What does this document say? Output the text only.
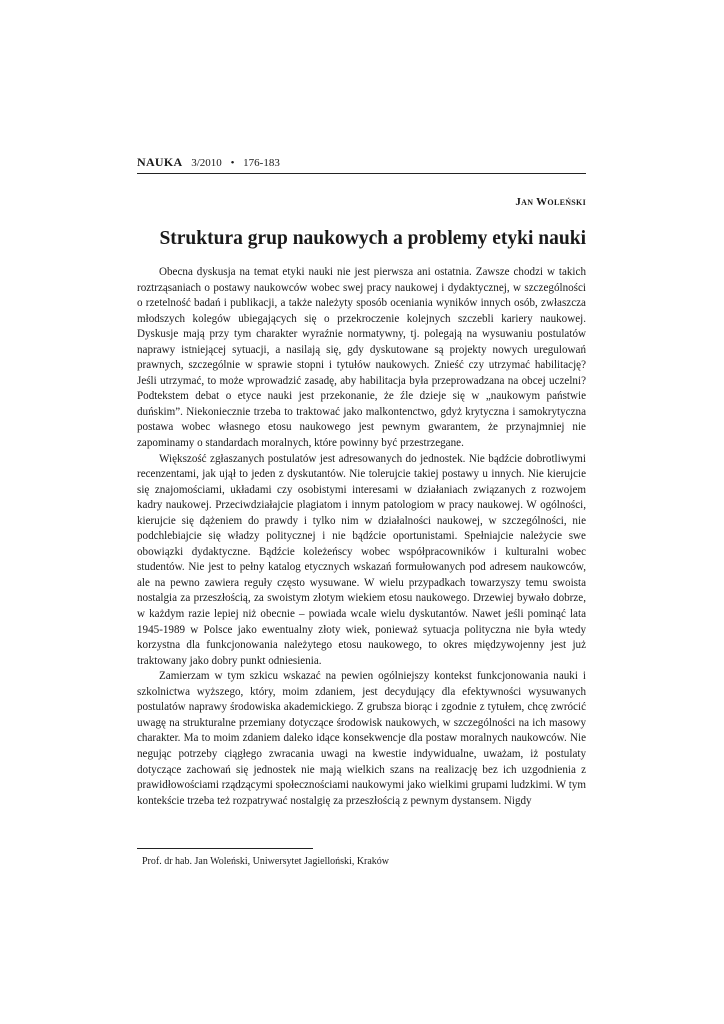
NAUKA 3/2010 • 176-183
Jan Woleński
Struktura grup naukowych a problemy etyki nauki

Obecna dyskusja na temat etyki nauki nie jest pierwsza ani ostatnia. Zawsze chodzi w takich roztrząsaniach o postawy naukowców wobec swej pracy naukowej i dydaktycznej, w szczególności o rzetelność badań i publikacji, a także należyty sposób oceniania wyników innych osób, zwłaszcza młodszych kolegów ubiegających się o przekroczenie kolejnych szczebli kariery naukowej. Dyskusje mają przy tym charakter wyraźnie normatywny, tj. polegają na wysuwaniu postulatów naprawy istniejącej sytuacji, a nasilają się, gdy dyskutowane są projekty nowych uregulowań prawnych, szczególnie w sprawie stopni i tytułów naukowych. Znieść czy utrzymać habilitację? Jeśli utrzymać, to może wprowadzić zasadę, aby habilitacja była przeprowadzana na obcej uczelni? Podtekstem debat o etyce nauki jest przekonanie, że źle dzieje się w „naukowym państwie duńskim”. Niekoniecznie trzeba to traktować jako malkontenctwo, gdyż krytyczna i samokrytyczna postawa wobec własnego etosu naukowego jest pewnym gwarantem, że przynajmniej nie zapominamy o standardach moralnych, które powinny być przestrzegane.

Większość zgłaszanych postulatów jest adresowanych do jednostek. Nie bądźcie dobrotliwymi recenzentami, jak ujął to jeden z dyskutantów. Nie tolerujcie takiej postawy u innych. Nie kierujcie się znajomościami, układami czy osobistymi interesami w działaniach związanych z rozwojem kadry naukowej. Przeciwdziałajcie plagiatom i innym patologiom w pracy naukowej. W ogólności, kierujcie się dążeniem do prawdy i tylko nim w działalności naukowej, w szczególności, nie podchlebiajcie się władzy politycznej i nie bądźcie oportunistami. Spełniajcie należycie swe obowiązki dydaktyczne. Bądźcie koleżeńscy wobec współpracowników i kulturalni wobec studentów. Nie jest to pełny katalog etycznych wskazań formułowanych pod adresem naukowców, ale na pewno zawiera reguły często wysuwane. W wielu przypadkach towarzyszy temu swoista nostalgia za przeszłością, za swoistym złotym wiekiem etosu naukowego. Drzewiej bywało dobrze, w każdym razie lepiej niż obecnie – powiada wcale wielu dyskutantów. Nawet jeśli pominąć lata 1945-1989 w Polsce jako ewentualny złoty wiek, ponieważ sytuacja polityczna nie była wtedy korzystna dla funkcjonowania należytego etosu naukowego, to okres międzywojenny jest już traktowany jako dobry punkt odniesienia.

Zamierzam w tym szkicu wskazać na pewien ogólniejszy kontekst funkcjonowania nauki i szkolnictwa wyższego, który, moim zdaniem, jest decydujący dla efektywności wysuwanych postulatów naprawy środowiska akademickiego. Z grubsza biorąc i zgodnie z tytułem, chcę zwrócić uwagę na strukturalne przemiany dotyczące środowisk naukowych, w szczególności na ich masowy charakter. Ma to moim zdaniem daleko idące konsekwencje dla postaw moralnych naukowców. Nie negując potrzeby ciągłego zwracania uwagi na kwestie indywidualne, uważam, iż postulaty dotyczące zachowań się jednostek nie mają wielkich szans na realizację bez ich uzgodnienia z prawidłowościami rządzącymi społecznościami naukowymi jako wielkimi grupami ludzkimi. W tym kontekście trzeba też rozpatrywać nostalgię za przeszłością z pewnym dystansem. Nigdy

Prof. dr hab. Jan Woleński, Uniwersytet Jagielloński, Kraków
